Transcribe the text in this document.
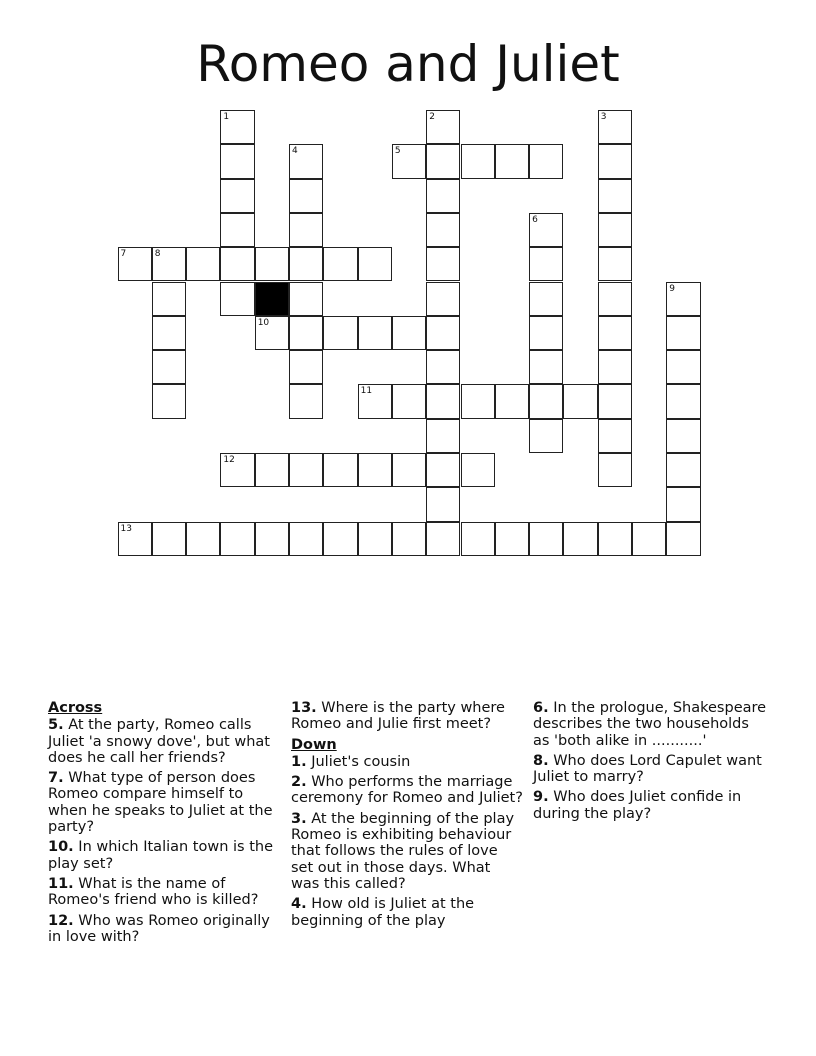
Romeo and Juliet
1	2	3
4	5
6
7	8
9
10
11
12
13
Across
5. At the party, Romeo calls Juliet 'a snowy dove', but what does he call her friends?
7. What type of person does Romeo compare himself to when he speaks to Juliet at the party?
10. In which Italian town is the play set?
11. What is the name of Romeo's friend who is killed?
12. Who was Romeo originally in love with?
13. Where is the party where Romeo and Julie first meet?
Down
1. Juliet's cousin
2. Who performs the marriage ceremony for Romeo and Juliet?
3. At the beginning of the play Romeo is exhibiting behaviour that follows the rules of love set out in those days. What was this called?
4. How old is Juliet at the beginning of the play
6. In the prologue, Shakespeare describes the two households as 'both alike in ...........'
8. Who does Lord Capulet want Juliet to marry?
9. Who does Juliet confide in during the play?
